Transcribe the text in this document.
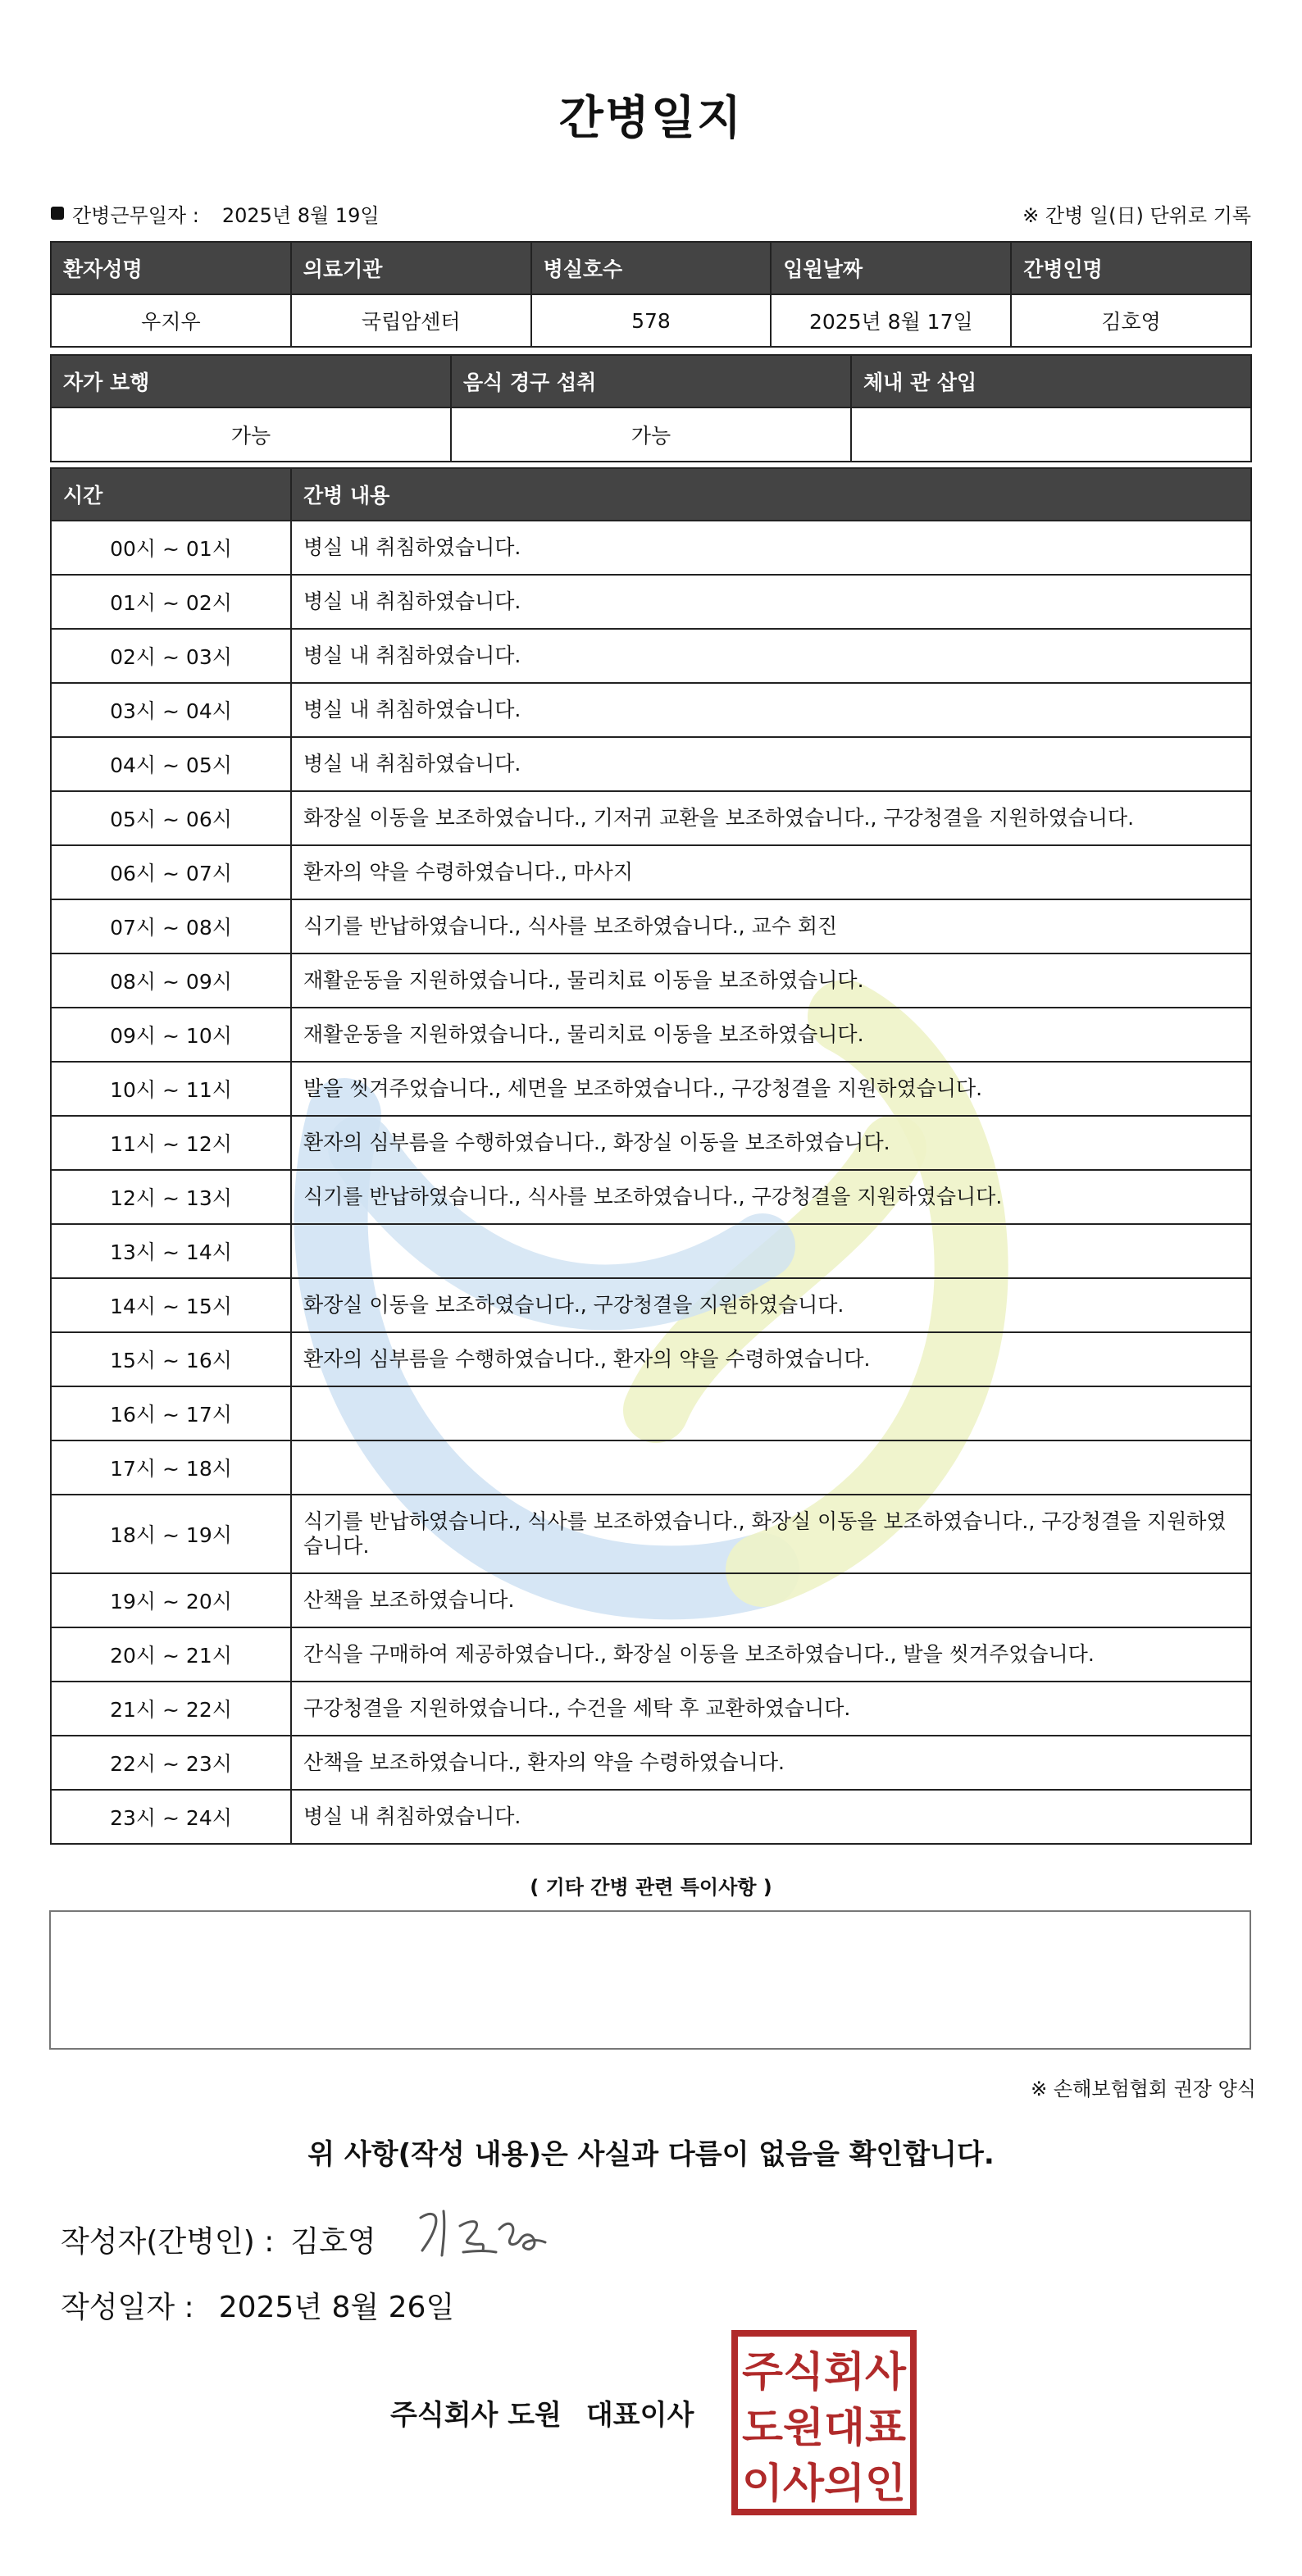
간병일지
간병근무일자 : 2025년 8월 19일	※ 간병 일(日) 단위로 기록
환자성명	의료기관	병실호수	입원날짜	간병인명
우지우	국립암센터	578	2025년 8월 17일	김호영
자가 보행	음식 경구 섭취	체내 관 삽입
가능	가능	
시간	간병 내용
00시 ~ 01시	병실 내 취침하였습니다.
01시 ~ 02시	병실 내 취침하였습니다.
02시 ~ 03시	병실 내 취침하였습니다.
03시 ~ 04시	병실 내 취침하였습니다.
04시 ~ 05시	병실 내 취침하였습니다.
05시 ~ 06시	화장실 이동을 보조하였습니다., 기저귀 교환을 보조하였습니다., 구강청결을 지원하였습니다.
06시 ~ 07시	환자의 약을 수령하였습니다., 마사지
07시 ~ 08시	식기를 반납하였습니다., 식사를 보조하였습니다., 교수 회진
08시 ~ 09시	재활운동을 지원하였습니다., 물리치료 이동을 보조하였습니다.
09시 ~ 10시	재활운동을 지원하였습니다., 물리치료 이동을 보조하였습니다.
10시 ~ 11시	발을 씻겨주었습니다., 세면을 보조하였습니다., 구강청결을 지원하였습니다.
11시 ~ 12시	환자의 심부름을 수행하였습니다., 화장실 이동을 보조하였습니다.
12시 ~ 13시	식기를 반납하였습니다., 식사를 보조하였습니다., 구강청결을 지원하였습니다.
13시 ~ 14시	
14시 ~ 15시	화장실 이동을 보조하였습니다., 구강청결을 지원하였습니다.
15시 ~ 16시	환자의 심부름을 수행하였습니다., 환자의 약을 수령하였습니다.
16시 ~ 17시	
17시 ~ 18시	
18시 ~ 19시	식기를 반납하였습니다., 식사를 보조하였습니다., 화장실 이동을 보조하였습니다., 구강청결을 지원하였습니다.
19시 ~ 20시	산책을 보조하였습니다.
20시 ~ 21시	간식을 구매하여 제공하였습니다., 화장실 이동을 보조하였습니다., 발을 씻겨주었습니다.
21시 ~ 22시	구강청결을 지원하였습니다., 수건을 세탁 후 교환하였습니다.
22시 ~ 23시	산책을 보조하였습니다., 환자의 약을 수령하였습니다.
23시 ~ 24시	병실 내 취침하였습니다.
( 기타 간병 관련 특이사항 )
※ 손해보험협회 권장 양식
위 사항(작성 내용)은 사실과 다름이 없음을 확인합니다.
작성자(간병인) : 김호영
작성일자 : 2025년 8월 26일
주식회사 도원 대표이사
주식회사
도원대표
이사의인
